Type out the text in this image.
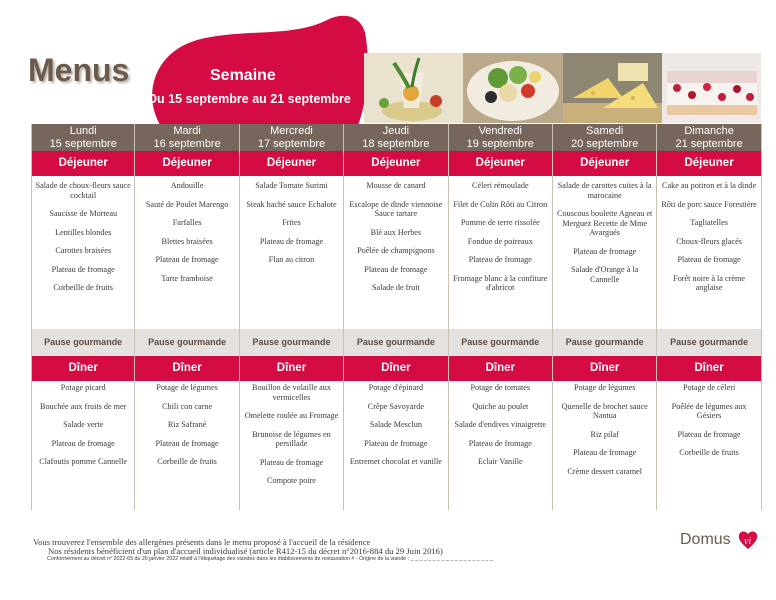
Menus	Semaine
Du 15 septembre au 21 septembre
Lundi
15 septembre
Déjeuner
Salade de choux-fleurs sauce cocktail
Saucisse de Morteau
Lentilles blondes
Carottes braisées
Plateau de fromage
Corbeille de fruits
Pause gourmande
Dîner
Potage picard
Bouchée aux fruits de mer
Salade verte
Plateau de fromage
Clafoutis pomme Cannelle
Mardi
16 septembre
Déjeuner
Andouille
Sauté de Poulet Marengo
Farfalles
Blettes braisées
Plateau de fromage
Tarte framboise
Pause gourmande
Dîner
Potage de légumes
Chili con carne
Riz Safrané
Plateau de fromage
Corbeille de fruits
Mercredi
17 septembre
Déjeuner
Salade Tomate Surimi
Steak haché sauce Echalote
Frites
Plateau de fromage
Flan au citron
Pause gourmande
Dîner
Bouillon de volaille aux vermicelles
Omelette roulée au Fromage
Brunoise de légumes en persillade
Plateau de fromage
Compote poire
Jeudi
18 septembre
Déjeuner
Mousse de canard
Escalope de dinde viennoise Sauce tartare
Blé aux Herbes
Poêlée de champignons
Plateau de fromage
Salade de fruit
Pause gourmande
Dîner
Potage d'épinard
Crêpe Savoyarde
Salade Mesclun
Plateau de fromage
Entremet chocolat et vanille
Vendredi
19 septembre
Déjeuner
Céleri rémoulade
Filet de Colin Rôti au Citron
Pomme de terre rissolée
Fondue de poireaux
Plateau de fromage
Fromage blanc à la confiture d'abricot
Pause gourmande
Dîner
Potage de tomates
Quiche au poulet
Salade d'endives vinaigrette
Plateau de fromage
Eclair Vanille
Samedi
20 septembre
Déjeuner
Salade de carottes cuites à la marocaine
Couscous boulette Agneau et Merguez Recette de Mme Avargués
Plateau de fromage
Salade d'Orange à la Cannelle
Pause gourmande
Dîner
Potage de légumes
Quenelle de brochet sauce Nantua
Riz pilaf
Plateau de fromage
Crème dessert caramel
Dimanche
21 septembre
Déjeuner
Cake au potiron et à la dinde
Rôti de porc sauce Forestière
Tagliatelles
Choux-fleurs glacés
Plateau de fromage
Forêt noire à la crème anglaise
Pause gourmande
Dîner
Potage de céleri
Poêlée de légumes aux Gésiers
Plateau de fromage
Corbeille de fruits
Vous trouverez l'ensemble des allergènes présents dans le menu proposé à l'accueil de la résidence
Nos résidents bénéficient d'un plan d'accueil individualisé (article R412-15 du décret n°2016-884 du 29 Juin 2016)
Conformément au décret n° 2022-65 du 26 janvier 2022 relatif à l'étiquetage des viandes dans les établissements de restauration # - Origine de la viande : _ _ _ _ _ _ _ _ _ _ _ _ _ _ _ _ _ _ _
Domus vi
